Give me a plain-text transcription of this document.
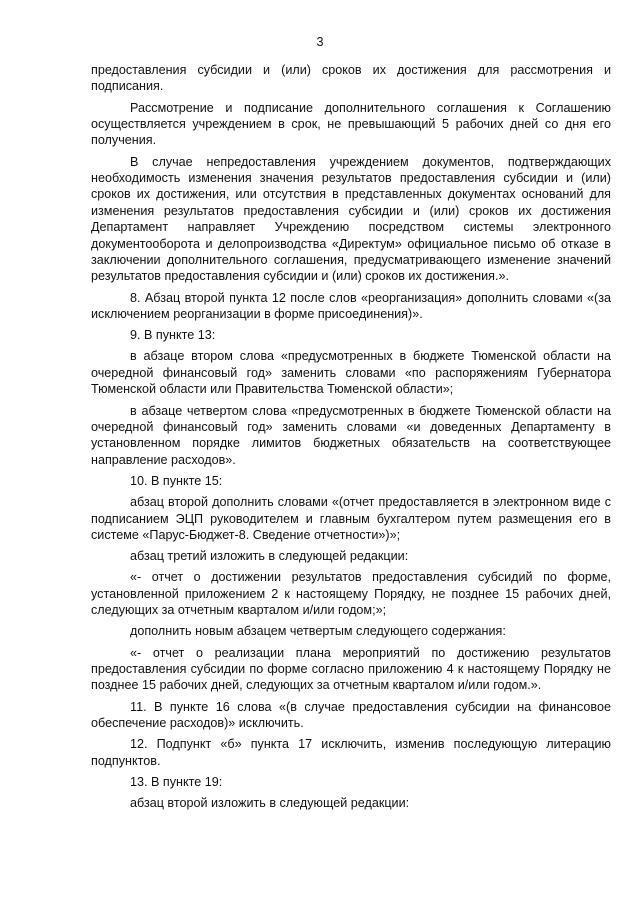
3

предоставления субсидии и (или) сроков их достижения для рассмотрения и подписания.

Рассмотрение и подписание дополнительного соглашения к Соглашению осуществляется учреждением в срок, не превышающий 5 рабочих дней со дня его получения.

В случае непредоставления учреждением документов, подтверждающих необходимость изменения значения результатов предоставления субсидии и (или) сроков их достижения, или отсутствия в представленных документах оснований для изменения результатов предоставления субсидии и (или) сроков их достижения Департамент направляет Учреждению посредством системы электронного документооборота и делопроизводства «Директум» официальное письмо об отказе в заключении дополнительного соглашения, предусматривающего изменение значений результатов предоставления субсидии и (или) сроков их достижения.».

8. Абзац второй пункта 12 после слов «реорганизация» дополнить словами «(за исключением реорганизации в форме присоединения)».

9. В пункте 13:

в абзаце втором слова «предусмотренных в бюджете Тюменской области на очередной финансовый год» заменить словами «по распоряжениям Губернатора Тюменской области или Правительства Тюменской области»;

в абзаце четвертом слова «предусмотренных в бюджете Тюменской области на очередной финансовый год» заменить словами «и доведенных Департаменту в установленном порядке лимитов бюджетных обязательств на соответствующее направление расходов».

10. В пункте 15:

абзац второй дополнить словами «(отчет предоставляется в электронном виде с подписанием ЭЦП руководителем и главным бухгалтером путем размещения его в системе «Парус-Бюджет-8. Сведение отчетности»)»;

абзац третий изложить в следующей редакции:

«- отчет о достижении результатов предоставления субсидий по форме, установленной приложением 2 к настоящему Порядку, не позднее 15 рабочих дней, следующих за отчетным кварталом и/или годом;»;

дополнить новым абзацем четвертым следующего содержания:

«- отчет о реализации плана мероприятий по достижению результатов предоставления субсидии по форме согласно приложению 4 к настоящему Порядку не позднее 15 рабочих дней, следующих за отчетным кварталом и/или годом.».

11. В пункте 16 слова «(в случае предоставления субсидии на финансовое обеспечение расходов)» исключить.

12. Подпункт «б» пункта 17 исключить, изменив последующую литерацию подпунктов.

13. В пункте 19:

абзац второй изложить в следующей редакции:
